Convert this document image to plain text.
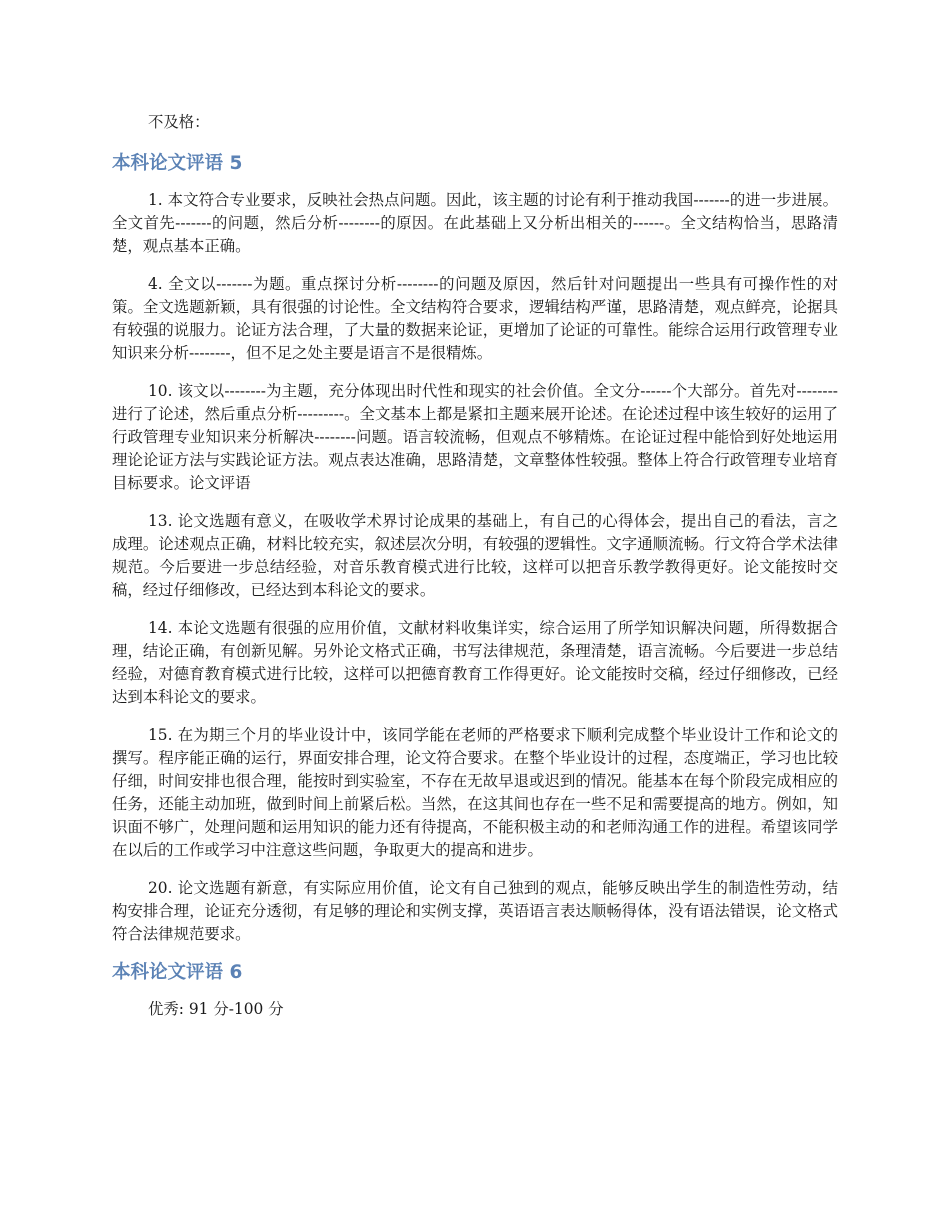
不及格：

本科论文评语 5

1. 本文符合专业要求，反映社会热点问题。因此，该主题的讨论有利于推动我国-------的进一步进展。全文首先-------的问题，然后分析--------的原因。在此基础上又分析出相关的------。全文结构恰当，思路清楚，观点基本正确。

4. 全文以-------为题。重点探讨分析--------的问题及原因，然后针对问题提出一些具有可操作性的对策。全文选题新颖，具有很强的讨论性。全文结构符合要求，逻辑结构严谨，思路清楚，观点鲜亮，论据具有较强的说服力。论证方法合理，了大量的数据来论证，更增加了论证的可靠性。能综合运用行政管理专业知识来分析--------，但不足之处主要是语言不是很精炼。

10. 该文以--------为主题，充分体现出时代性和现实的社会价值。全文分------个大部分。首先对--------进行了论述，然后重点分析---------。全文基本上都是紧扣主题来展开论述。在论述过程中该生较好的运用了行政管理专业知识来分析解决--------问题。语言较流畅，但观点不够精炼。在论证过程中能恰到好处地运用理论论证方法与实践论证方法。观点表达准确，思路清楚，文章整体性较强。整体上符合行政管理专业培育目标要求。论文评语

13. 论文选题有意义，在吸收学术界讨论成果的基础上，有自己的心得体会，提出自己的看法，言之成理。论述观点正确，材料比较充实，叙述层次分明，有较强的逻辑性。文字通顺流畅。行文符合学术法律规范。今后要进一步总结经验，对音乐教育模式进行比较，这样可以把音乐教学教得更好。论文能按时交稿，经过仔细修改，已经达到本科论文的要求。

14. 本论文选题有很强的应用价值，文献材料收集详实，综合运用了所学知识解决问题，所得数据合理，结论正确，有创新见解。另外论文格式正确，书写法律规范，条理清楚，语言流畅。今后要进一步总结经验，对德育教育模式进行比较，这样可以把德育教育工作得更好。论文能按时交稿，经过仔细修改，已经达到本科论文的要求。

15. 在为期三个月的毕业设计中，该同学能在老师的严格要求下顺利完成整个毕业设计工作和论文的撰写。程序能正确的运行，界面安排合理，论文符合要求。在整个毕业设计的过程，态度端正，学习也比较仔细，时间安排也很合理，能按时到实验室，不存在无故早退或迟到的情况。能基本在每个阶段完成相应的任务，还能主动加班，做到时间上前紧后松。当然，在这其间也存在一些不足和需要提高的地方。例如，知识面不够广，处理问题和运用知识的能力还有待提高，不能积极主动的和老师沟通工作的进程。希望该同学在以后的工作或学习中注意这些问题，争取更大的提高和进步。

20. 论文选题有新意，有实际应用价值，论文有自己独到的观点，能够反映出学生的制造性劳动，结构安排合理，论证充分透彻，有足够的理论和实例支撑，英语语言表达顺畅得体，没有语法错误，论文格式符合法律规范要求。

本科论文评语 6

优秀: 91 分-100 分
